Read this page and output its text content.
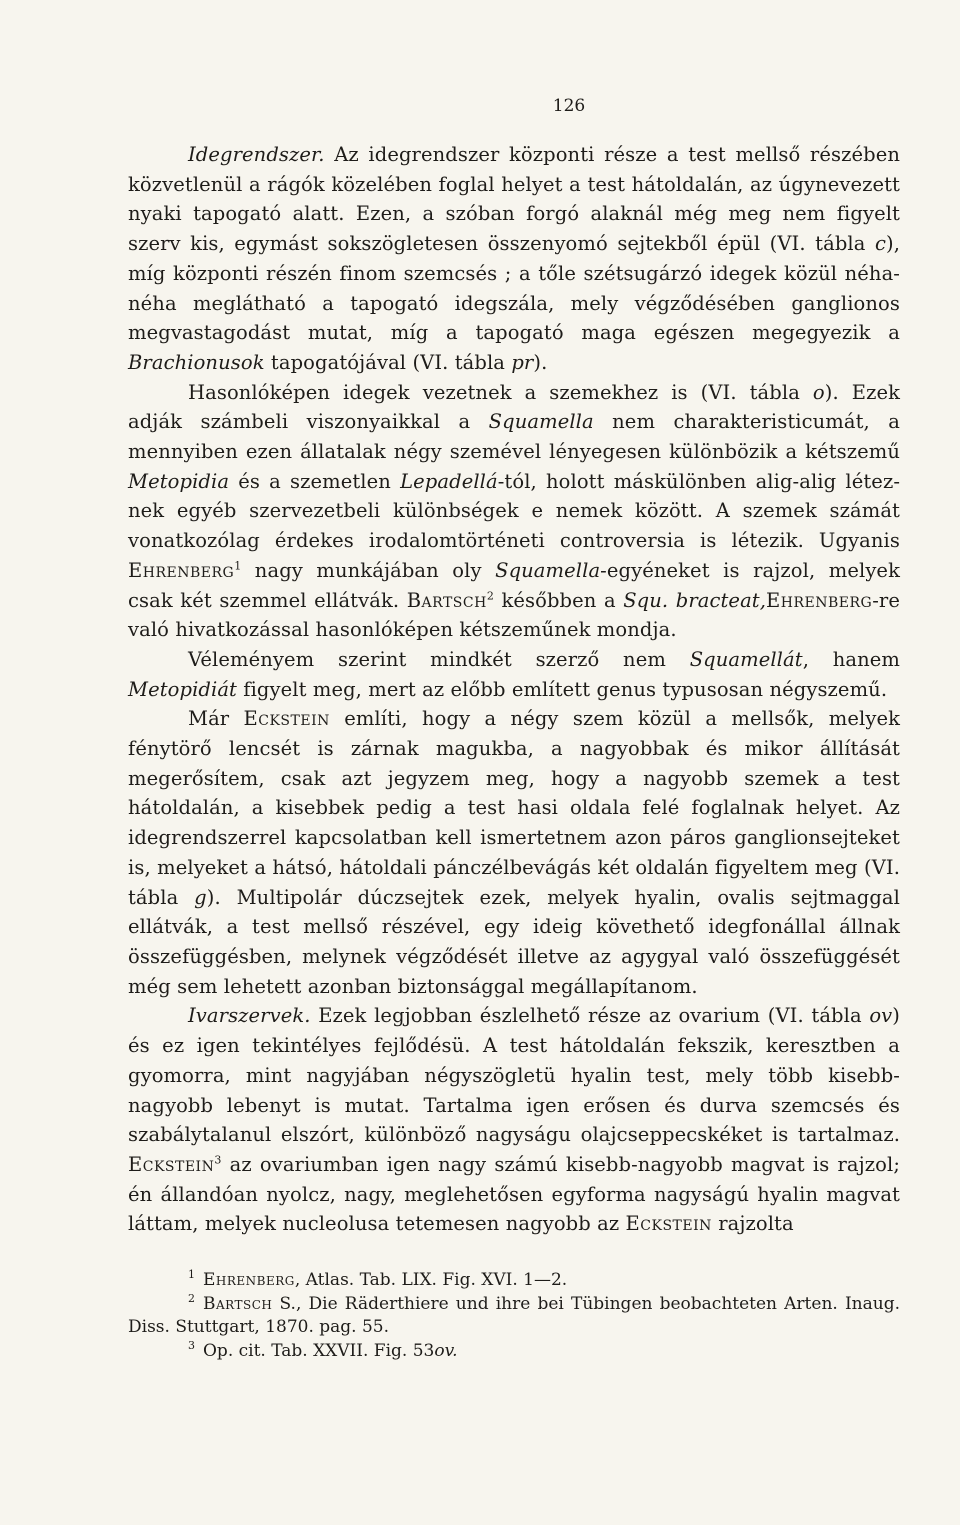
126

Idegrendszer. Az idegrendszer központi része a test mellső részében közvetlenül a rágók közelében foglal helyet a test hátoldalán, az úgynevezett nyaki tapogató alatt. Ezen, a szóban forgó alaknál még meg nem figyelt szerv kis, egymást sokszögletesen összenyomó sejtekből épül (VI. tábla c), míg központi részén finom szemcsés ; a tőle szétsugárzó idegek közül néha-néha meglátható a tapogató idegszála, mely végződésében ganglionos megvastagodást mutat, míg a tapogató maga egészen megegyezik a Brachionusok tapogatójával (VI. tábla pr).

Hasonlóképen idegek vezetnek a szemekhez is (VI. tábla o). Ezek adják számbeli viszonyaikkal a Squamella nem charakteristicumát, a mennyiben ezen állatalak négy szemével lényegesen különbözik a kétszemű Metopidia és a szemetlen Lepadellá-tól, holott máskülönben alig-alig létez-nek egyéb szervezetbeli különbségek e nemek között. A szemek számát vonatkozólag érdekes irodalomtörténeti controversia is létezik. Ugyanis Ehrenberg$^1$ nagy munkájában oly Squamella-egyéneket is rajzol, melyek csak két szemmel ellátvák. Bartsch$^2$ későbben a Squ. bracteat,Ehrenberg-re való hivatkozással hasonlóképen kétszeműnek mondja.

Véleményem szerint mindkét szerző nem Squamellát, hanem Metopidiát figyelt meg, mert az előbb említett genus typusosan négyszemű.

Már Eckstein említi, hogy a négy szem közül a mellsők, melyek fénytörő lencsét is zárnak magukba, a nagyobbak és mikor állítását megerősítem, csak azt jegyzem meg, hogy a nagyobb szemek a test hátoldalán, a kisebbek pedig a test hasi oldala felé foglalnak helyet. Az idegrendszerrel kapcsolatban kell ismertetnem azon páros ganglionsejteket is, melyeket a hátsó, hátoldali pánczélbevágás két oldalán figyeltem meg (VI. tábla g). Multipolár dúczsejtek ezek, melyek hyalin, ovalis sejtmaggal ellátvák, a test mellső részével, egy ideig követhető idegfonállal állnak összefüggésben, melynek végződését illetve az agygyal való összefüggését még sem lehetett azonban biztonsággal megállapítanom.

Ivarszervek. Ezek legjobban észlelhető része az ovarium (VI. tábla ov) és ez igen tekintélyes fejlődésü. A test hátoldalán fekszik, keresztben a gyomorra, mint nagyjában négyszögletü hyalin test, mely több kisebb-nagyobb lebenyt is mutat. Tartalma igen erősen és durva szemcsés és szabálytalanul elszórt, különböző nagyságu olajcseppecskéket is tartalmaz. Eckstein$^3$ az ovariumban igen nagy számú kisebb-nagyobb magvat is rajzol; én állandóan nyolcz, nagy, meglehetősen egyforma nagyságú hyalin magvat láttam, melyek nucleolusa tetemesen nagyobb az Eckstein rajzolta

$^1$ Ehrenberg, Atlas. Tab. LIX. Fig. XVI. 1—2.

$^2$ Bartsch S., Die Räderthiere und ihre bei Tübingen beobachteten Arten. Inaug. Diss. Stuttgart, 1870. pag. 55.

$^3$ Op. cit. Tab. XXVII. Fig. 53ov.
